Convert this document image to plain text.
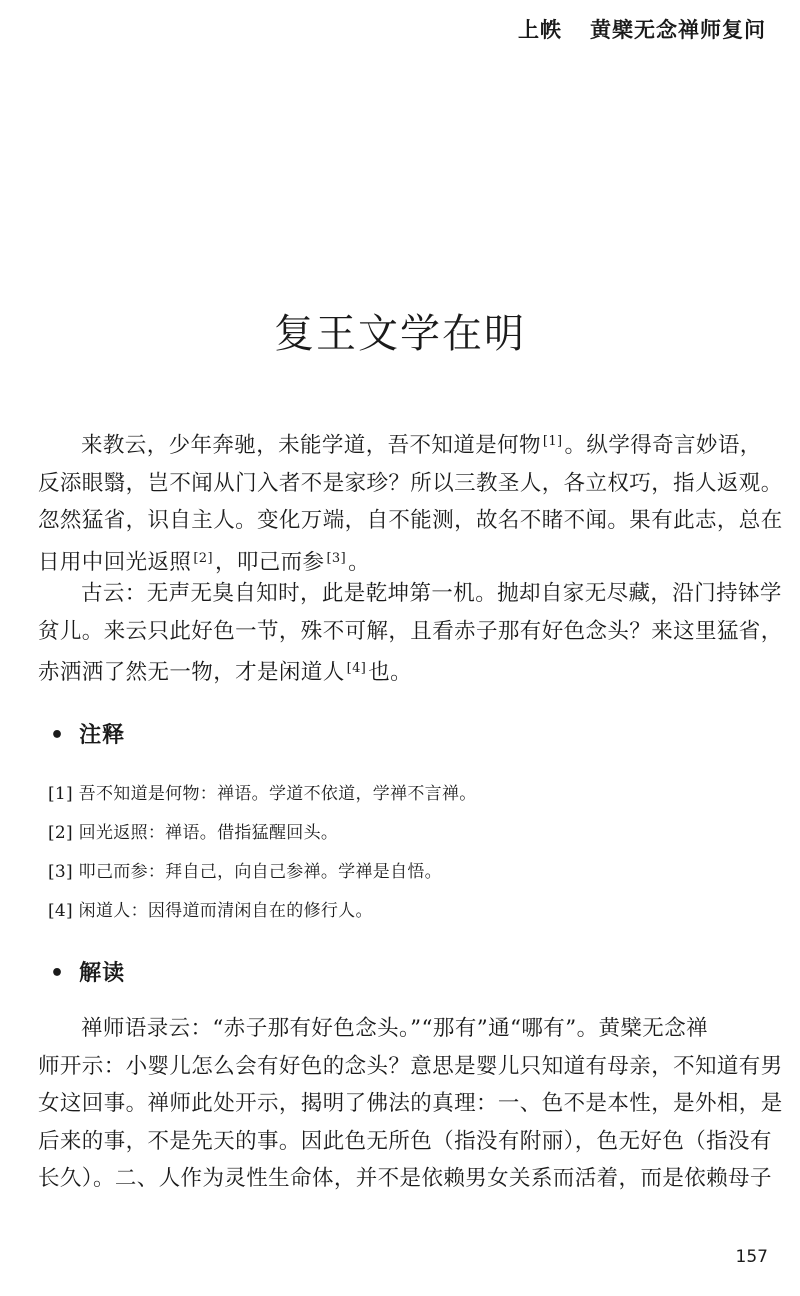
上帙 黄檗无念禅师复问
复王文学在明
来教云，少年奔驰，未能学道，吾不知道是何物 [1]。纵学得奇言妙语，
反添眼翳，岂不闻从门入者不是家珍？所以三教圣人，各立权巧，指人返观。
忽然猛省，识自主人。变化万端，自不能测，故名不睹不闻。果有此志，总在
日用中回光返照 [2]，叩己而参 [3]。
古云：无声无臭自知时，此是乾坤第一机。抛却自家无尽藏，沿门持钵学
贫儿。来云只此好色一节，殊不可解，且看赤子那有好色念头？来这里猛省，
赤洒洒了然无一物，才是闲道人 [4]也。
• 注释
[1] 吾不知道是何物：禅语。学道不依道，学禅不言禅。
[2] 回光返照：禅语。借指猛醒回头。
[3] 叩己而参：拜自己，向自己参禅。学禅是自悟。
[4] 闲道人：因得道而清闲自在的修行人。
• 解读
禅师语录云：“赤子那有好色念头。”“那有”通“哪有”。黄檗无念禅
师开示：小婴儿怎么会有好色的念头？意思是婴儿只知道有母亲，不知道有男
女这回事。禅师此处开示，揭明了佛法的真理：一、色不是本性，是外相，是
后来的事，不是先天的事。因此色无所色（指没有附丽），色无好色（指没有
长久）。二、人作为灵性生命体，并不是依赖男女关系而活着，而是依赖母子
157
